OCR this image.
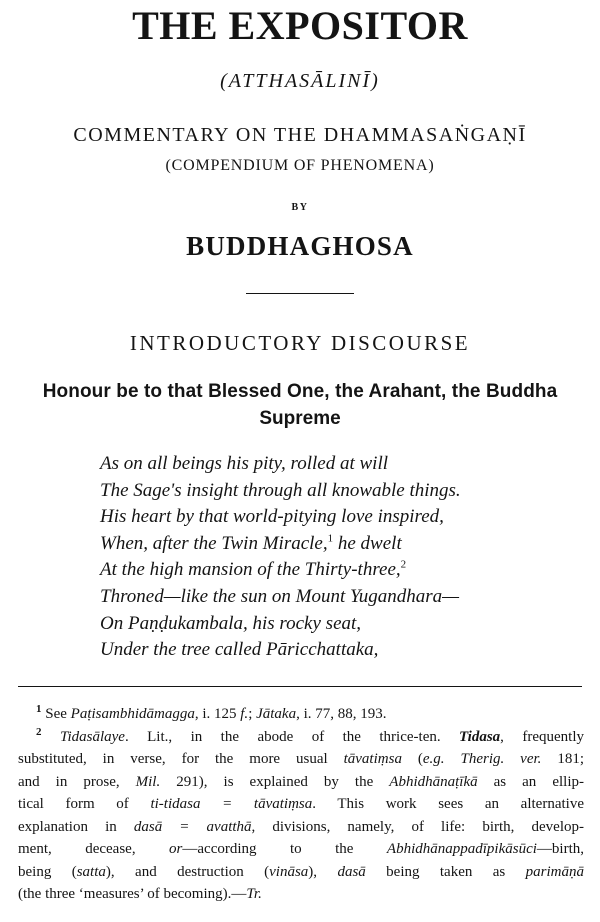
THE EXPOSITOR
(ATTHASĀLINĪ)
COMMENTARY ON THE DHAMMASAṄGAṆĪ
(COMPENDIUM OF PHENOMENA)
BY
BUDDHAGHOSA
INTRODUCTORY DISCOURSE
Honour be to that Blessed One, the Arahant, the Buddha
Supreme
As on all beings his pity, rolled at will
The Sage's insight through all knowable things.
His heart by that world-pitying love inspired,
When, after the Twin Miracle,$^1$ he dwelt
At the high mansion of the Thirty-three,$^2$
Throned—like the sun on Mount Yugandhara—
On Paṇḍukambala, his rocky seat,
Under the tree called Pāricchattaka,
$^1$ See Paṭisambhidāmagga, i. 125 f.; Jātaka, i. 77, 88, 193.
$^2$ Tidasālaye. Lit., in the abode of the thrice-ten. Tidasa, frequently
substituted, in verse, for the more usual tāvatiṃsa (e.g. Therig. ver. 181;
and in prose, Mil. 291), is explained by the Abhidhānaṭīkā as an ellip-
tical form of ti-tidasa = tāvatiṃsa. This work sees an alternative
explanation in dasā = avatthā, divisions, namely, of life: birth, develop-
ment, decease, or—according to the Abhidhānappadīpikāsūci—birth,
being (satta), and destruction (vināsa), dasā being taken as parimāṇā
(the three ‘measures’ of becoming).—Tr.
